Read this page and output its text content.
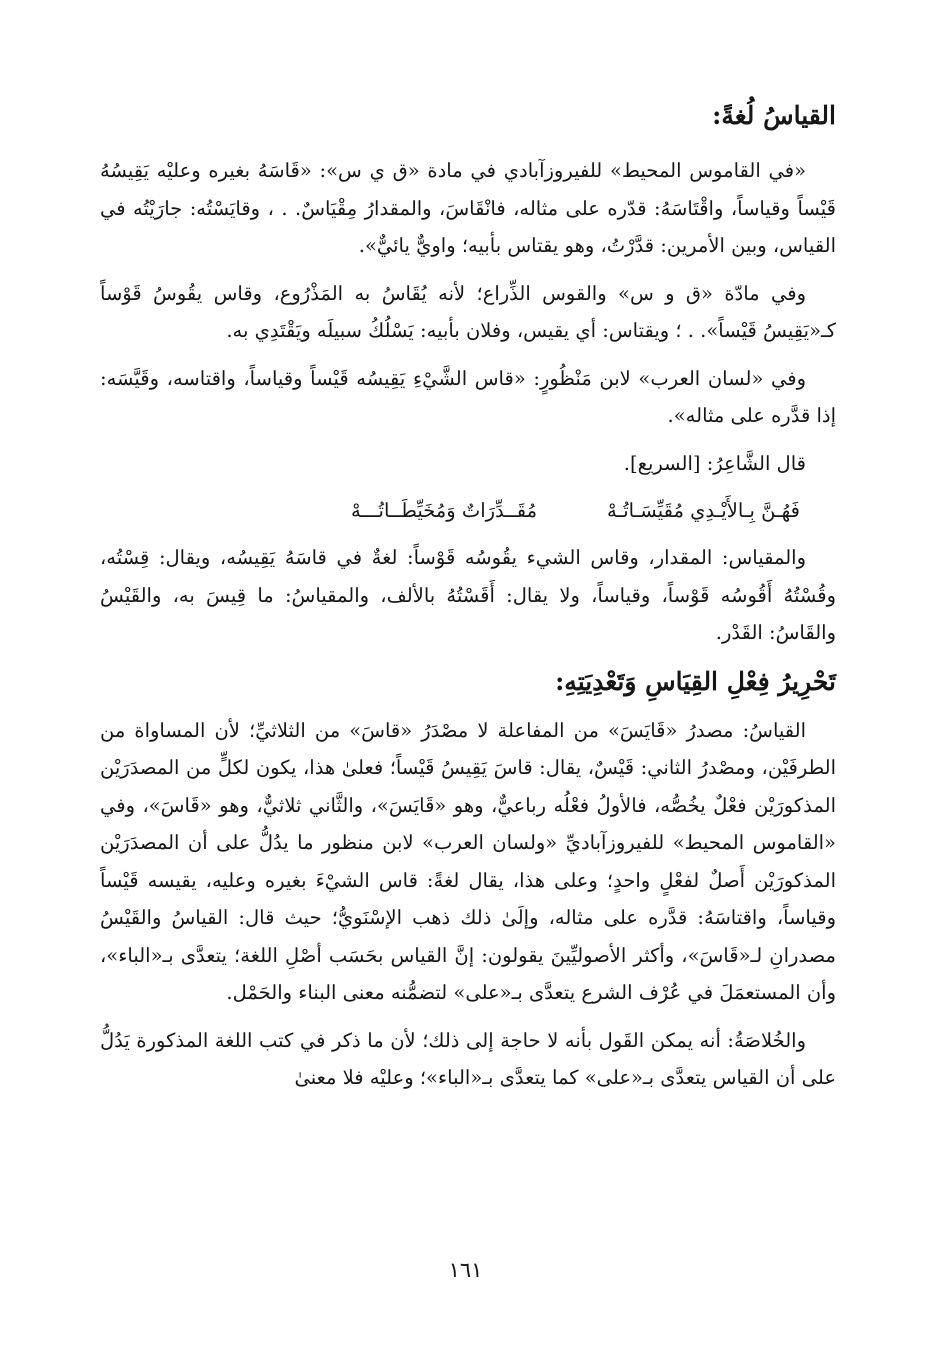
القياسُ لُغةً:

«في القاموس المحيط» للفيروزآبادي في مادة «ق ي س»: «قَاسَهُ بغيره وعليْه يَقِيسُهُ قَيْساً وقياساً، واقْتَاسَهُ: قدّره على مثاله، فانْقَاسَ، والمقدارُ مِقْيَاسٌ. . ، وقايَسْتُه: جارَيْتُه في القياس، وبين الأمرين: قدَّرْتُ، وهو يقتاس بأبيه؛ واويٌّ يائيٌّ».

وفي مادّة «ق و س» والقوس الذِّراع؛ لأنه يُقَاسُ به المَذْرُوع، وقاس يقُوسُ قَوْساً كـ«يَقِيسُ قَيْساً». . ؛ ويقتاس: أي يقيس، وفلان بأبيه: يَسْلُكُ سبيلَه ويَقْتَدِي به.

وفي «لسان العرب» لابن مَنْظُورٍ: «قاس الشَّيْءِ يَقِيسُه قَيْساً وقياساً، واقتاسه، وقَيَّسَه: إذا قدَّره على مثاله».

قال الشَّاعِرُ: [السريع].

فَهُـنَّ بِـالأَيْـدِي مُقَيِّسَـاتُـهْ
مُقَــدِّرَاتٌ وَمُخَيِّطَــاتُـــهْ

والمقياس: المقدار، وقاس الشيء يقُوسُه قَوْساً: لغةٌ في قاسَهُ يَقِيسُه، ويقال: قِسْتُه، وقُسْتُهُ أَقُوسُه قَوْساً، وقياساً، ولا يقال: أَقَسْتُهُ بالألف، والمقياسُ: ما قِيسَ به، والقَيْسُ والقَاسُ: القَدْر.

تَحْرِيرُ فِعْلِ القِيَاسِ وَتَعْدِيَتِهِ:

القياسُ: مصدرُ «قَايَسَ» من المفاعلة لا مصْدَرُ «قاسَ» من الثلاثيِّ؛ لأن المساواة من الطرفَيْن، ومصْدرُ الثاني: قَيْسٌ، يقال: قاسَ يَقِيسُ قَيْساً؛ فعلىٰ هذا، يكون لكلٍّ من المصدَرَيْن المذكورَيْن فعْلٌ يخُصُّه، فالأولُ فعْلُه رباعيٌّ، وهو «قَايَسَ»، والثَّاني ثلاثيٌّ، وهو «قَاسَ»، وفي «القاموس المحيط» للفيروزآباديِّ «ولسان العرب» لابن منظور ما يدُلُّ على أن المصدَرَيْن المذكورَيْن أَصلٌ لفعْلٍ واحدٍ؛ وعلى هذا، يقال لغةً: قاس الشيْءَ بغيره وعليه، يقيسه قَيْساً وقياساً، واقتاسَهُ: قدَّره على مثاله، وإلَىٰ ذلك ذهب الإسْنَويُّ؛ حيث قال: القياسُ والقَيْسُ مصدرانِ لـ«قَاسَ»، وأكثر الأصوليِّينَ يقولون: إنَّ القياس بحَسَب أصْلِ اللغة؛ يتعدَّى بـ«الباء»، وأن المستعمَلَ في عُرْف الشرع يتعدَّى بـ«على» لتضمُّنه معنى البناء والحَمْل.

والخُلاصَةُ: أنه يمكن القَول بأنه لا حاجة إلى ذلك؛ لأن ما ذكر في كتب اللغة المذكورة يَدُلُّ على أن القياس يتعدَّى بـ«على» كما يتعدَّى بـ«الباء»؛ وعليْه فلا معنىٰ

١٦١
